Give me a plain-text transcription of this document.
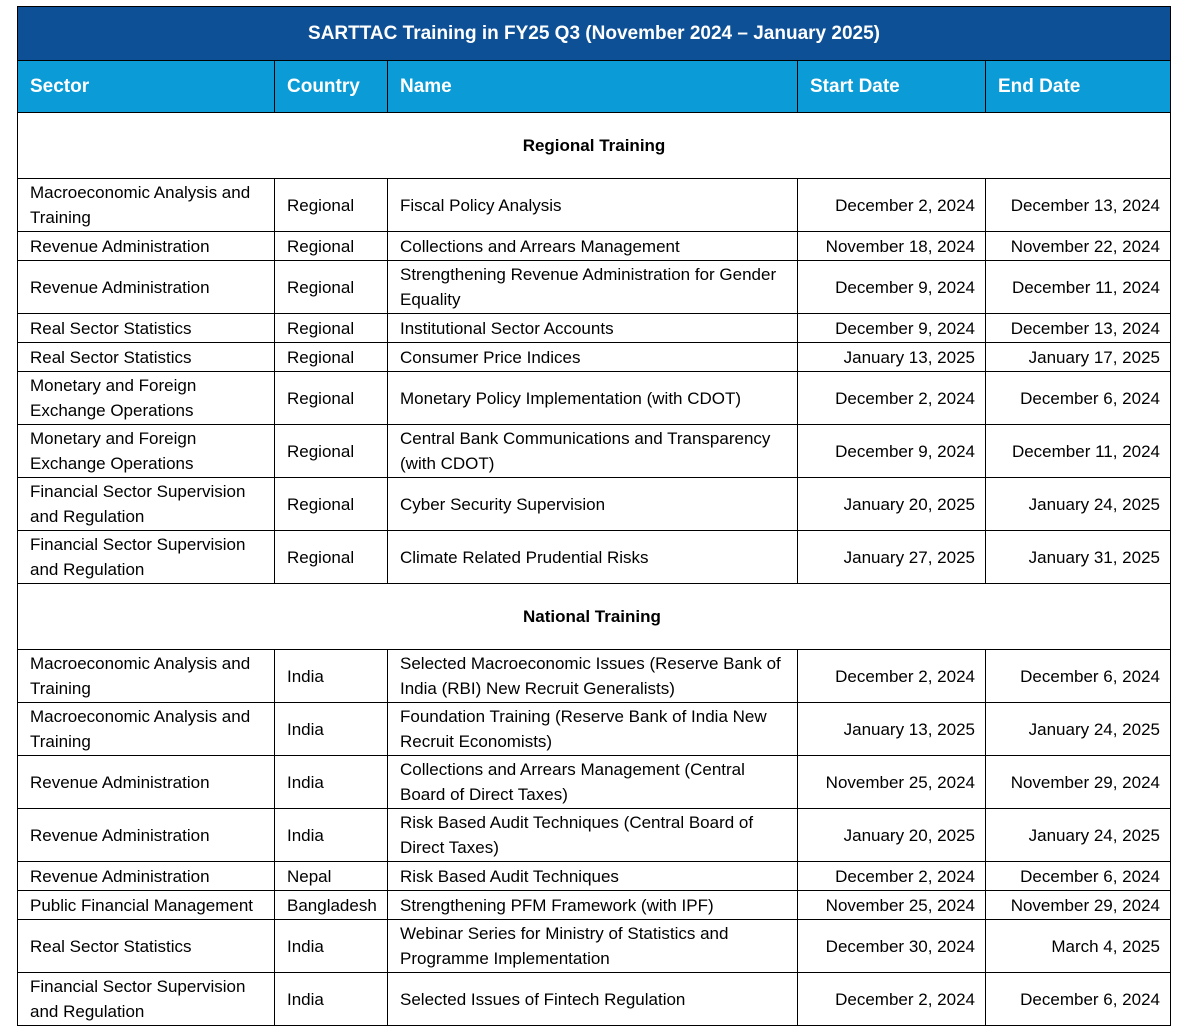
SARTTAC Training in FY25 Q3 (November 2024 – January 2025)				
Sector	Country	Name	Start Date	End Date
Regional Training				
Macroeconomic Analysis and Training	Regional	Fiscal Policy Analysis	December 2, 2024	December 13, 2024
Revenue Administration	Regional	Collections and Arrears Management	November 18, 2024	November 22, 2024
Revenue Administration	Regional	Strengthening Revenue Administration for Gender Equality	December 9, 2024	December 11, 2024
Real Sector Statistics	Regional	Institutional Sector Accounts	December 9, 2024	December 13, 2024
Real Sector Statistics	Regional	Consumer Price Indices	January 13, 2025	January 17, 2025
Monetary and Foreign Exchange Operations	Regional	Monetary Policy Implementation (with CDOT)	December 2, 2024	December 6, 2024
Monetary and Foreign Exchange Operations	Regional	Central Bank Communications and Transparency (with CDOT)	December 9, 2024	December 11, 2024
Financial Sector Supervision and Regulation	Regional	Cyber Security Supervision	January 20, 2025	January 24, 2025
Financial Sector Supervision and Regulation	Regional	Climate Related Prudential Risks	January 27, 2025	January 31, 2025
National Training				
Macroeconomic Analysis and Training	India	Selected Macroeconomic Issues (Reserve Bank of India (RBI) New Recruit Generalists)	December 2, 2024	December 6, 2024
Macroeconomic Analysis and Training	India	Foundation Training (Reserve Bank of India New Recruit Economists)	January 13, 2025	January 24, 2025
Revenue Administration	India	Collections and Arrears Management (Central Board of Direct Taxes)	November 25, 2024	November 29, 2024
Revenue Administration	India	Risk Based Audit Techniques (Central Board of Direct Taxes)	January 20, 2025	January 24, 2025
Revenue Administration	Nepal	Risk Based Audit Techniques	December 2, 2024	December 6, 2024
Public Financial Management	Bangladesh	Strengthening PFM Framework (with IPF)	November 25, 2024	November 29, 2024
Real Sector Statistics	India	Webinar Series for Ministry of Statistics and Programme Implementation	December 30, 2024	March 4, 2025
Financial Sector Supervision and Regulation	India	Selected Issues of Fintech Regulation	December 2, 2024	December 6, 2024
